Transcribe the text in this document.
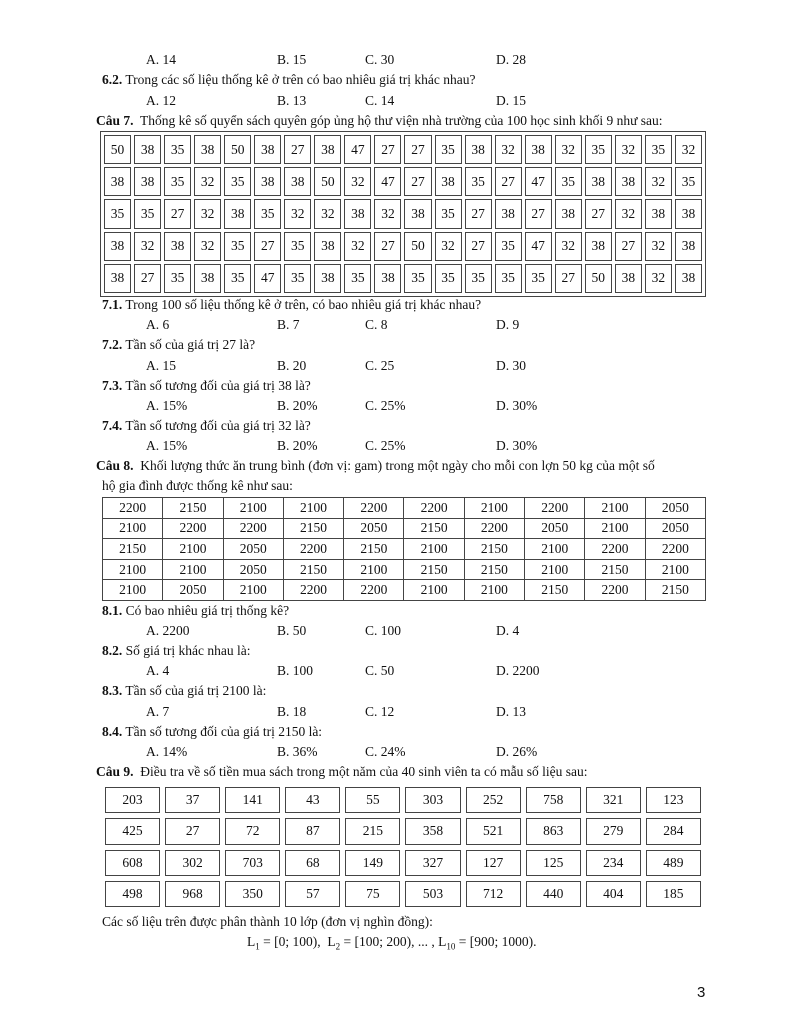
A. 14	B. 15	C. 30	D. 28
6.2. Trong các số liệu thống kê ở trên có bao nhiêu giá trị khác nhau?
A. 12	B. 13	C. 14	D. 15
Câu 7. Thống kê số quyển sách quyên góp ủng hộ thư viện nhà trường của 100 học sinh khối 9 như sau:
50	38	35	38	50	38	27	38	47	27	27	35	38	32	38	32	35	32	35	32
38	38	35	32	35	38	38	50	32	47	27	38	35	27	47	35	38	38	32	35
35	35	27	32	38	35	32	32	38	32	38	35	27	38	27	38	27	32	38	38
38	32	38	32	35	27	35	38	32	27	50	32	27	35	47	32	38	27	32	38
38	27	35	38	35	47	35	38	35	38	35	35	35	35	35	27	50	38	32	38
7.1. Trong 100 số liệu thống kê ở trên, có bao nhiêu giá trị khác nhau?
A. 6	B. 7	C. 8	D. 9
7.2. Tần số của giá trị 27 là?
A. 15	B. 20	C. 25	D. 30
7.3. Tần số tương đối của giá trị 38 là?
A. 15%	B. 20%	C. 25%	D. 30%
7.4. Tần số tương đối của giá trị 32 là?
A. 15%	B. 20%	C. 25%	D. 30%
Câu 8. Khối lượng thức ăn trung bình (đơn vị: gam) trong một ngày cho mỗi con lợn 50 kg của một số
hộ gia đình được thống kê như sau:
2200	2150	2100	2100	2200	2200	2100	2200	2100	2050
2100	2200	2200	2150	2050	2150	2200	2050	2100	2050
2150	2100	2050	2200	2150	2100	2150	2100	2200	2200
2100	2100	2050	2150	2100	2150	2150	2100	2150	2100
2100	2050	2100	2200	2200	2100	2100	2150	2200	2150
8.1. Có bao nhiêu giá trị thống kê?
A. 2200	B. 50	C. 100	D. 4
8.2. Số giá trị khác nhau là:
A. 4	B. 100	C. 50	D. 2200
8.3. Tần số của giá trị 2100 là:
A. 7	B. 18	C. 12	D. 13
8.4. Tần số tương đối của giá trị 2150 là:
A. 14%	B. 36%	C. 24%	D. 26%
Câu 9. Điều tra về số tiền mua sách trong một năm của 40 sinh viên ta có mẫu số liệu sau:
203	37	141	43	55	303	252	758	321	123
425	27	72	87	215	358	521	863	279	284
608	302	703	68	149	327	127	125	234	489
498	968	350	57	75	503	712	440	404	185
Các số liệu trên được phân thành 10 lớp (đơn vị nghìn đồng):
$L_1 = [0$; 100),  $L_2 = [100$; 200), ... , $L_{10} = [900$; 1000).
3
